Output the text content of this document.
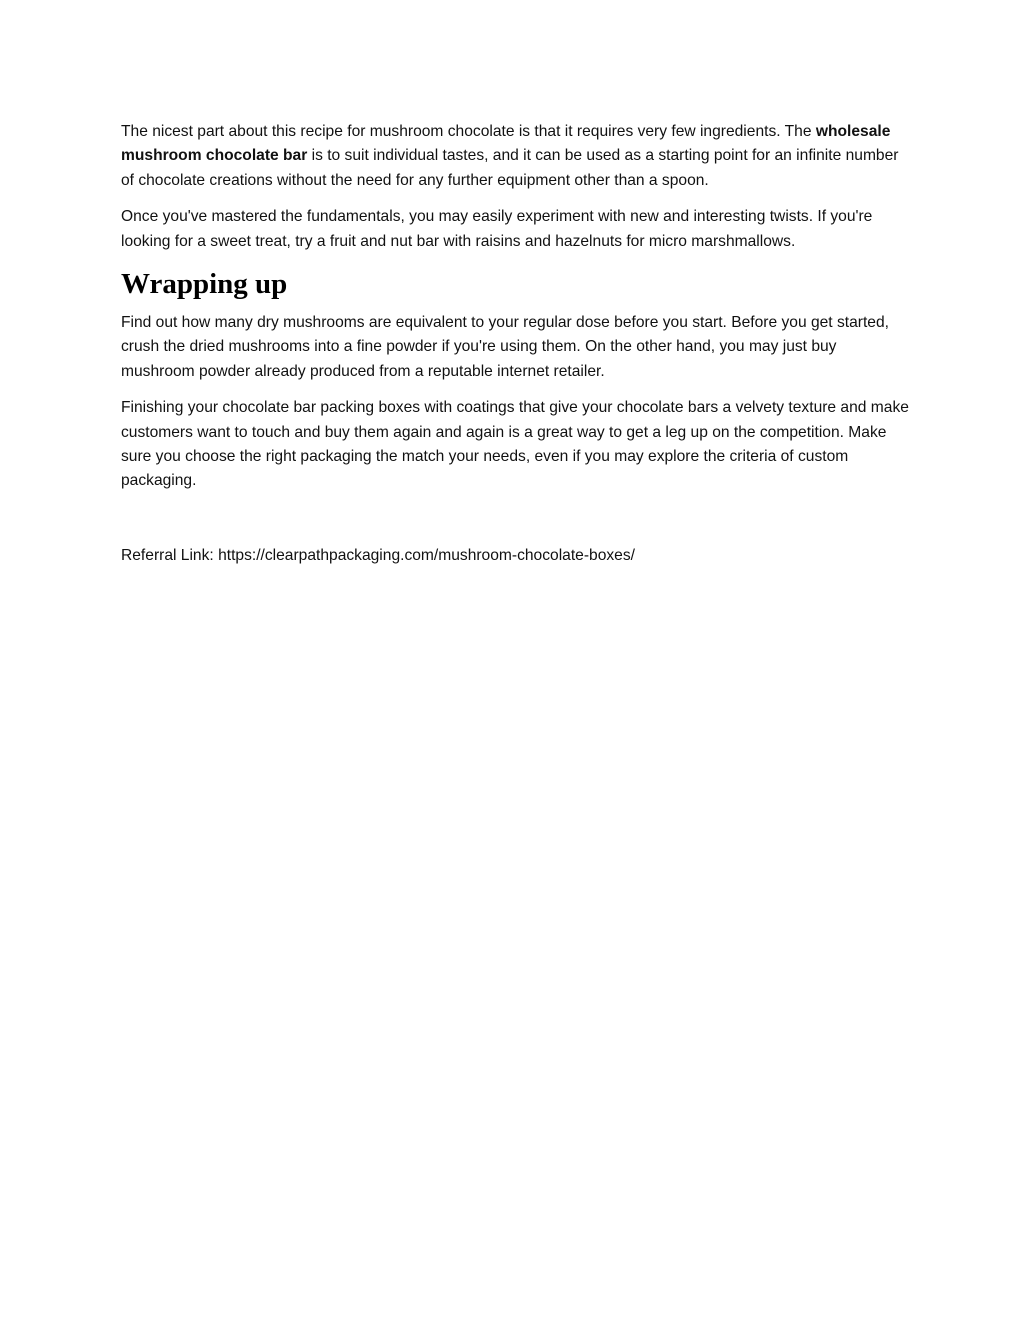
The nicest part about this recipe for mushroom chocolate is that it requires very few ingredients. The wholesale mushroom chocolate bar is to suit individual tastes, and it can be used as a starting point for an infinite number of chocolate creations without the need for any further equipment other than a spoon.

Once you've mastered the fundamentals, you may easily experiment with new and interesting twists. If you're looking for a sweet treat, try a fruit and nut bar with raisins and hazelnuts for micro marshmallows.

Wrapping up

Find out how many dry mushrooms are equivalent to your regular dose before you start. Before you get started, crush the dried mushrooms into a fine powder if you're using them. On the other hand, you may just buy mushroom powder already produced from a reputable internet retailer.

Finishing your chocolate bar packing boxes with coatings that give your chocolate bars a velvety texture and make customers want to touch and buy them again and again is a great way to get a leg up on the competition. Make sure you choose the right packaging the match your needs, even if you may explore the criteria of custom packaging.

Referral Link: https://clearpathpackaging.com/mushroom-chocolate-boxes/
